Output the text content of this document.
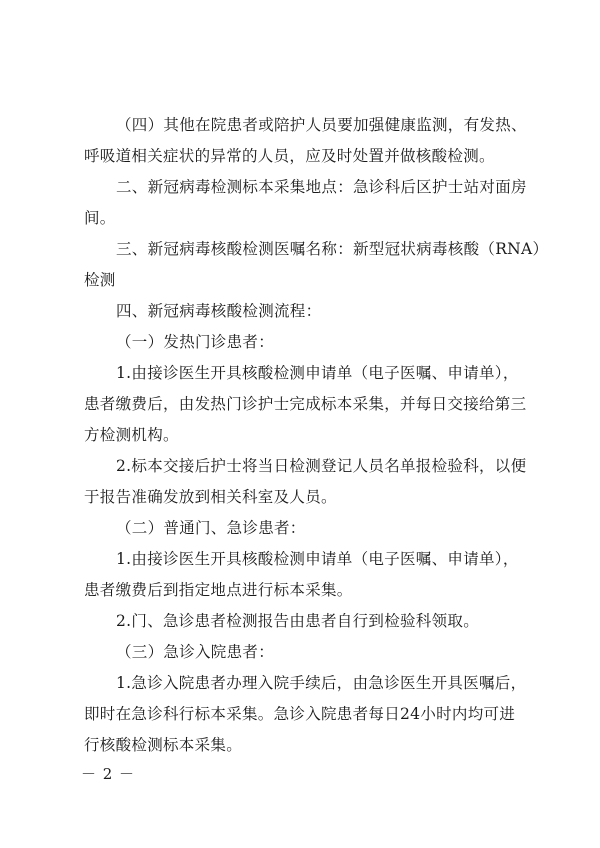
（四）其他在院患者或陪护人员要加强健康监测，有发热、
呼吸道相关症状的异常的人员，应及时处置并做核酸检测。
二、新冠病毒检测标本采集地点：急诊科后区护士站对面房
间。
三、新冠病毒核酸检测医嘱名称：新型冠状病毒核酸（RNA）
检测
四、新冠病毒核酸检测流程：
（一）发热门诊患者：
1.由接诊医生开具核酸检测申请单（电子医嘱、申请单），
患者缴费后，由发热门诊护士完成标本采集，并每日交接给第三
方检测机构。
2.标本交接后护士将当日检测登记人员名单报检验科，以便
于报告准确发放到相关科室及人员。
（二）普通门、急诊患者：
1.由接诊医生开具核酸检测申请单（电子医嘱、申请单），
患者缴费后到指定地点进行标本采集。
2.门、急诊患者检测报告由患者自行到检验科领取。
（三）急诊入院患者：
1.急诊入院患者办理入院手续后，由急诊医生开具医嘱后，
即时在急诊科行标本采集。急诊入院患者每日24小时内均可进
行核酸检测标本采集。
－ 2 －
